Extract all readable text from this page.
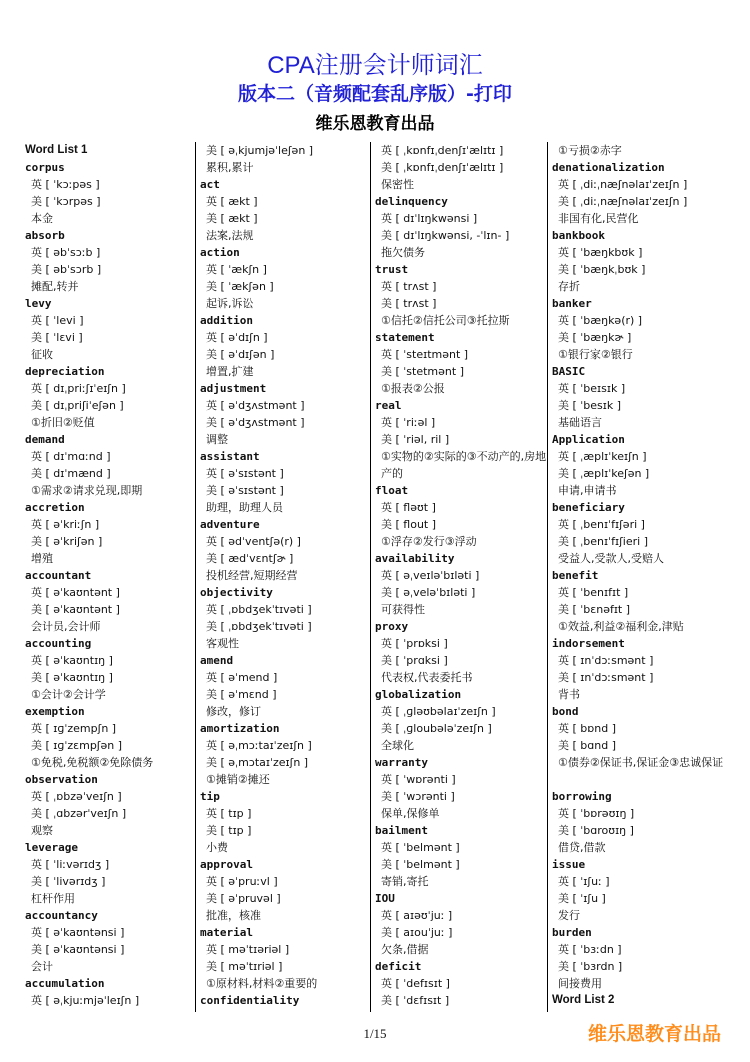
CPA注册会计师词汇
版本二（音频配套乱序版）-打印
维乐恩教育出品
Word List 1
corpus
英 [ ˈkɔːpəs ]
美 [ ˈkɔrpəs ]
本金
absorb
英 [ əbˈsɔːb ]
美 [ əbˈsɔrb ]
摊配,转并
levy
英 [ ˈlevi ]
美 [ ˈlɛvi ]
征收
depreciation
英 [ dɪˌpriːʃɪˈeɪʃn ]
美 [ dɪˌpriʃiˈeʃən ]
①折旧②贬值
demand
英 [ dɪˈmɑːnd ]
美 [ dɪˈmænd ]
①需求②请求兑现,即期
accretion
英 [ əˈkriːʃn ]
美 [ əˈkriʃən ]
增殖
accountant
英 [ əˈkaʊntənt ]
美 [ əˈkaʊntənt ]
会计员,会计师
accounting
英 [ əˈkaʊntɪŋ ]
美 [ əˈkaʊntɪŋ ]
①会计②会计学
exemption
英 [ ɪɡˈzempʃn ]
美 [ ɪɡˈzɛmpʃən ]
①免税,免税额②免除债务
observation
英 [ ˌɒbzəˈveɪʃn ]
美 [ ˌɑbzərˈveɪʃn ]
观察
leverage
英 [ ˈliːvərɪdʒ ]
美 [ ˈlivərɪdʒ ]
杠杆作用
accountancy
英 [ əˈkaʊntənsi ]
美 [ əˈkaʊntənsi ]
会计
accumulation
英 [ əˌkjuːmjəˈleɪʃn ]
美 [ əˌkjumjəˈleʃən ]
累积,累计
act
英 [ ækt ]
美 [ ækt ]
法案,法规
action
英 [ ˈækʃn ]
美 [ ˈækʃən ]
起诉,诉讼
addition
英 [ əˈdɪʃn ]
美 [ əˈdɪʃən ]
增置,扩建
adjustment
英 [ əˈdʒʌstmənt ]
美 [ əˈdʒʌstmənt ]
调整
assistant
英 [ əˈsɪstənt ]
美 [ əˈsɪstənt ]
助理，助理人员
adventure
英 [ ədˈventʃə(r) ]
美 [ ædˈvɛntʃɚ ]
投机经营,短期经营
objectivity
英 [ ˌɒbdʒekˈtɪvəti ]
美 [ ˌɒbdʒekˈtɪvəti ]
客观性
amend
英 [ əˈmend ]
美 [ əˈmɛnd ]
修改，修订
amortization
英 [ əˌmɔːtaɪˈzeɪʃn ]
美 [ əˌmɔtaɪˈzeɪʃn ]
①摊销②摊还
tip
英 [ tɪp ]
美 [ tɪp ]
小费
approval
英 [ əˈpruːvl ]
美 [ əˈpruvəl ]
批准，核准
material
英 [ məˈtɪəriəl ]
美 [ məˈtɪriəl ]
①原材料,材料②重要的
confidentiality
英 [ ˌkɒnfɪˌdenʃɪˈælɪtɪ ]
美 [ ˌkɒnfɪˌdenʃɪˈælɪtɪ ]
保密性
delinquency
英 [ dɪˈlɪŋkwənsi ]
美 [ dɪˈlɪŋkwənsi, -ˈlɪn- ]
拖欠债务
trust
英 [ trʌst ]
美 [ trʌst ]
①信托②信托公司③托拉斯
statement
英 [ ˈsteɪtmənt ]
美 [ ˈstetmənt ]
①报表②公报
real
英 [ ˈriːəl ]
美 [ ˈriəl, ril ]
①实物的②实际的③不动产的,房地产的
float
英 [ fləʊt ]
美 [ flout ]
①浮存②发行③浮动
availability
英 [ əˌveɪləˈbɪləti ]
美 [ əˌveləˈbɪləti ]
可获得性
proxy
英 [ ˈprɒksi ]
美 [ ˈprɑksi ]
代表权,代表委托书
globalization
英 [ ˌɡləʊbəlaɪˈzeɪʃn ]
美 [ ˌɡloubələˈzeɪʃn ]
全球化
warranty
英 [ ˈwɒrənti ]
美 [ ˈwɔrənti ]
保单,保修单
bailment
英 [ ˈbelmənt ]
美 [ ˈbelmənt ]
寄销,寄托
IOU
英 [ aɪəʊˈjuː ]
美 [ aɪouˈjuː ]
欠条,借据
deficit
英 [ ˈdefɪsɪt ]
美 [ ˈdɛfɪsɪt ]
①亏损②赤字
denationalization
英 [ ˌdiːˌnæʃnəlaɪˈzeɪʃn ]
美 [ ˌdiːˌnæʃnəlaɪˈzeɪʃn ]
非国有化,民营化
bankbook
英 [ ˈbæŋkbʊk ]
美 [ ˈbæŋkˌbʊk ]
存折
banker
英 [ ˈbæŋkə(r) ]
美 [ ˈbæŋkɚ ]
①银行家②银行
BASIC
英 [ ˈbeɪsɪk ]
美 [ ˈbesɪk ]
基础语言
Application
英 [ ˌæplɪˈkeɪʃn ]
美 [ ˌæplɪˈkeʃən ]
申请,申请书
beneficiary
英 [ ˌbenɪˈfɪʃəri ]
美 [ ˌbenɪˈfɪʃieri ]
受益人,受款人,受赔人
benefit
英 [ ˈbenɪfɪt ]
美 [ ˈbɛnəfɪt ]
①效益,利益②福利金,津贴
indorsement
英 [ ɪnˈdɔːsmənt ]
美 [ ɪnˈdɔːsmənt ]
背书
bond
英 [ bɒnd ]
美 [ bɑnd ]
①债券②保证书,保证金③忠诚保证
borrowing
英 [ ˈbɒrəʊɪŋ ]
美 [ ˈbɑroʊɪŋ ]
借贷,借款
issue
英 [ ˈɪʃuː ]
美 [ ˈɪʃu ]
发行
burden
英 [ ˈbɜːdn ]
美 [ ˈbɜrdn ]
间接费用
Word List 2
1/15	维乐恩教育出品
